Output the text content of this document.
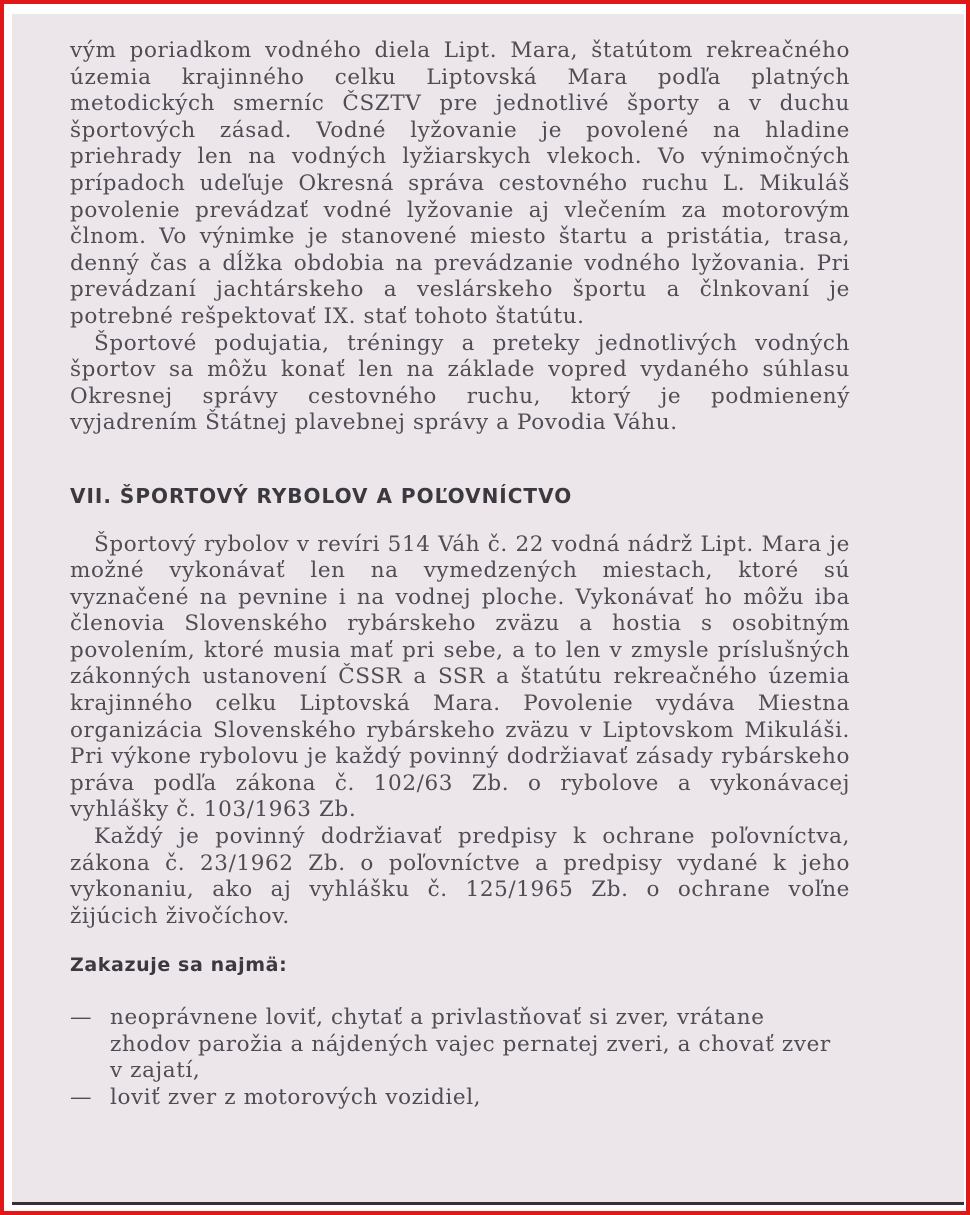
vým poriadkom vodného diela Lipt. Mara, štatútom rekreačného územia krajinného celku Liptovská Mara podľa platných metodických smerníc ČSZTV pre jednotlivé športy a v duchu športových zásad. Vodné lyžovanie je povolené na hladine priehrady len na vodných lyžiarskych vlekoch. Vo výnimočných prípadoch udeľuje Okresná správa cestovného ruchu L. Mikuláš povolenie prevádzať vodné lyžovanie aj vlečením za motorovým člnom. Vo výnimke je stanovené miesto štartu a pristátia, trasa, denný čas a dĺžka obdobia na prevádzanie vodného lyžovania. Pri prevádzaní jachtárskeho a veslárskeho športu a člnkovaní je potrebné rešpektovať IX. stať tohoto štatútu.

Športové podujatia, tréningy a preteky jednotlivých vodných športov sa môžu konať len na základe vopred vydaného súhlasu Okresnej správy cestovného ruchu, ktorý je podmienený vyjadrením Štátnej plavebnej správy a Povodia Váhu.

VII. ŠPORTOVÝ RYBOLOV A POĽOVNÍCTVO

Športový rybolov v revíri 514 Váh č. 22 vodná nádrž Lipt. Mara je možné vykonávať len na vymedzených miestach, ktoré sú vyznačené na pevnine i na vodnej ploche. Vykonávať ho môžu iba členovia Slovenského rybárskeho zväzu a hostia s osobitným povolením, ktoré musia mať pri sebe, a to len v zmysle príslušných zákonných ustanovení ČSSR a SSR a štatútu rekreačného územia krajinného celku Liptovská Mara. Povolenie vydáva Miestna organizácia Slovenského rybárskeho zväzu v Liptovskom Mikuláši. Pri výkone rybolovu je každý povinný dodržiavať zásady rybárskeho práva podľa zákona č. 102/63 Zb. o rybolove a vykonávacej vyhlášky č. 103/1963 Zb.

Každý je povinný dodržiavať predpisy k ochrane poľovníctva, zákona č. 23/1962 Zb. o poľovníctve a predpisy vydané k jeho vykonaniu, ako aj vyhlášku č. 125/1965 Zb. o ochrane voľne žijúcich živočíchov.

Zakazuje sa najmä:
— neoprávnene loviť, chytať a privlastňovať si zver, vrátane zhodov parožia a nájdených vajec pernatej zveri, a chovať zver v zajatí,
— loviť zver z motorových vozidiel,
